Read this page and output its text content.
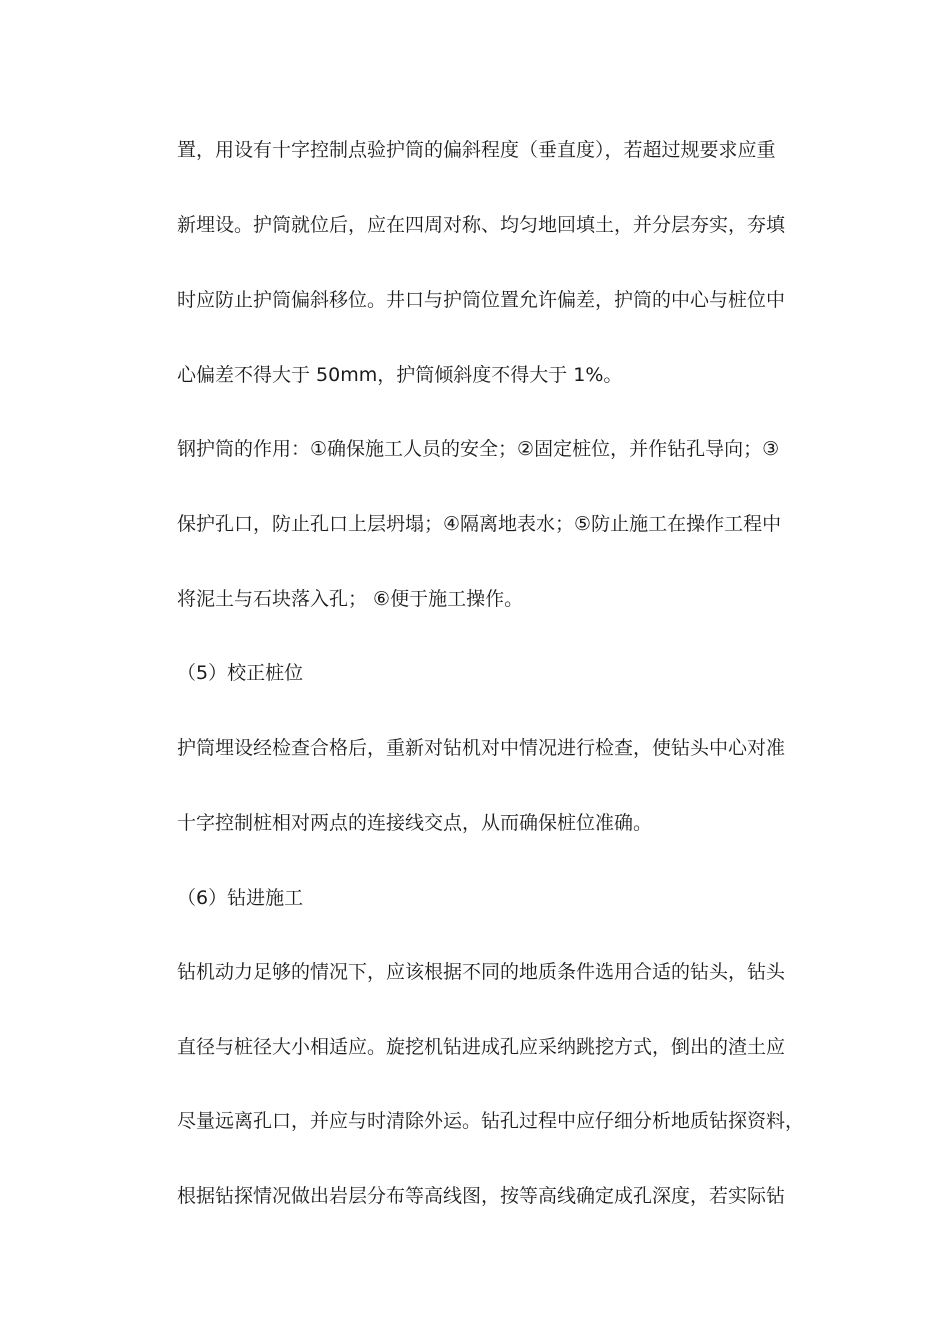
置，用设有十字控制点验护筒的偏斜程度（垂直度），若超过规要求应重
新埋设。护筒就位后，应在四周对称、均匀地回填土，并分层夯实，夯填
时应防止护筒偏斜移位。井口与护筒位置允许偏差，护筒的中心与桩位中
心偏差不得大于 50mm，护筒倾斜度不得大于 1%。
钢护筒的作用：①确保施工人员的安全；②固定桩位，并作钻孔导向；③
保护孔口，防止孔口上层坍塌；④隔离地表水；⑤防止施工在操作工程中
将泥土与石块落入孔； ⑥便于施工操作。
（5）校正桩位
护筒埋设经检查合格后，重新对钻机对中情况进行检查，使钻头中心对准
十字控制桩相对两点的连接线交点，从而确保桩位准确。
（6）钻进施工
钻机动力足够的情况下，应该根据不同的地质条件选用合适的钻头，钻头
直径与桩径大小相适应。旋挖机钻进成孔应采纳跳挖方式，倒出的渣土应
尽量远离孔口，并应与时清除外运。钻孔过程中应仔细分析地质钻探资料，
根据钻探情况做出岩层分布等高线图，按等高线确定成孔深度，若实际钻
